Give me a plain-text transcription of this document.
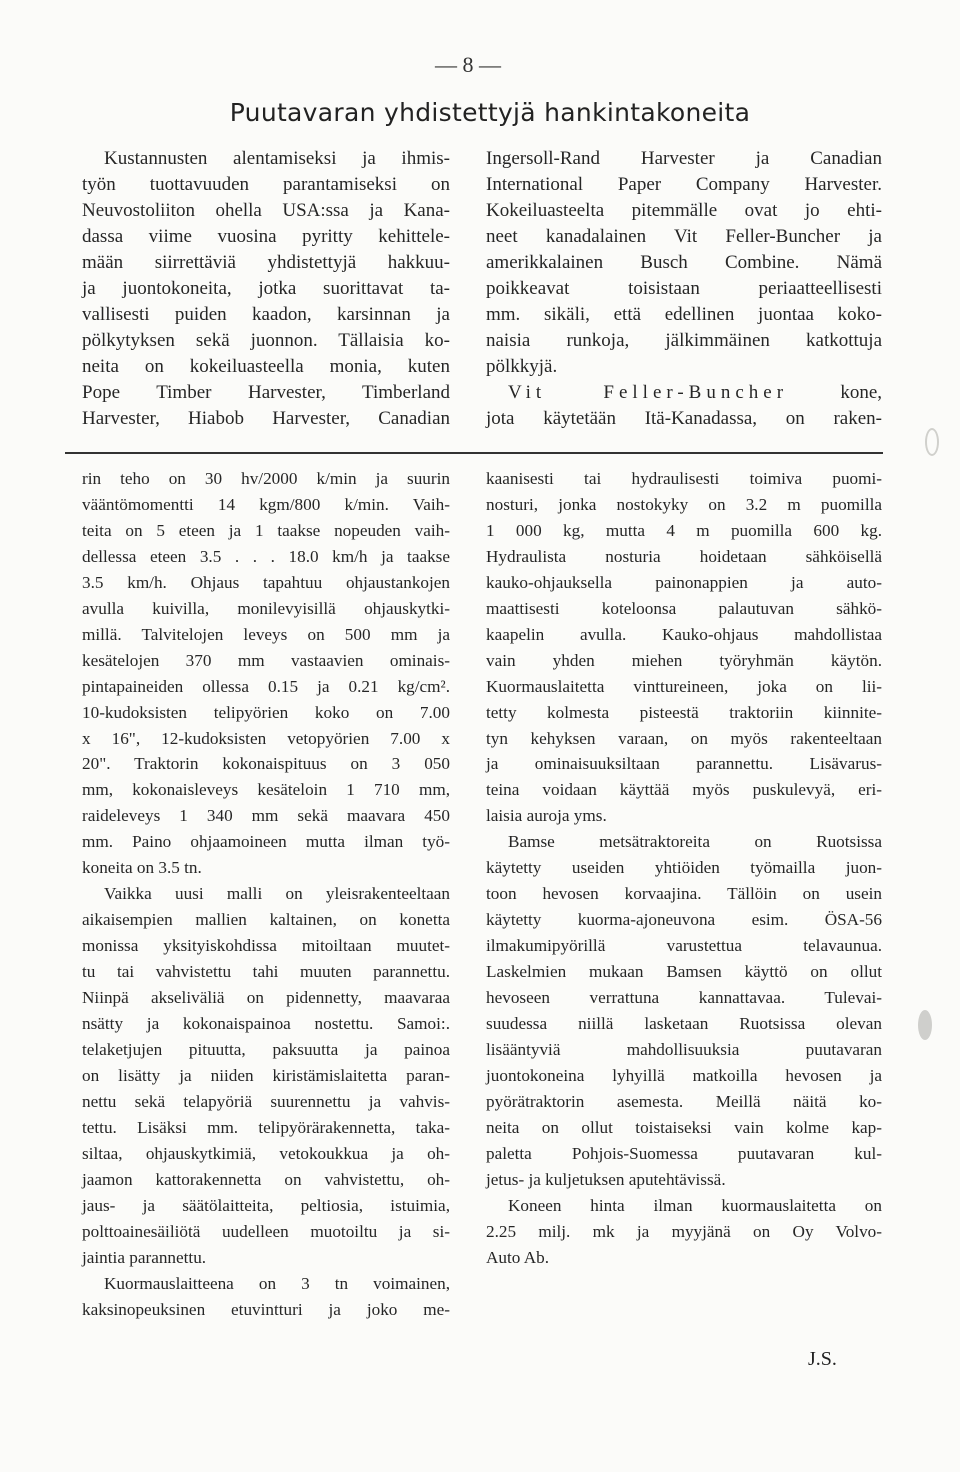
— 8 —
Puutavaran yhdistettyjä hankintakoneita

Kustannusten alentamiseksi ja ihmis-

työn tuottavuuden parantamiseksi on

Neuvostoliiton ohella USA:ssa ja Kana-

dassa viime vuosina pyritty kehittele-

mään siirrettäviä yhdistettyjä hakkuu-

ja juontokoneita, jotka suorittavat ta-

vallisesti puiden kaadon, karsinnan ja

pölkytyksen sekä juonnon. Tällaisia ko-

neita on kokeiluasteella monia, kuten

Pope Timber Harvester, Timberland

Harvester, Hiabob Harvester, Canadian

Ingersoll-Rand Harvester ja Canadian

International Paper Company Harvester.

Kokeiluasteelta pitemmälle ovat jo ehti-

neet kanadalainen Vit Feller-Buncher ja

amerikkalainen Busch Combine. Nämä

poikkeavat toisistaan periaatteellisesti

mm. sikäli, että edellinen juontaa koko-

naisia runkoja, jälkimmäinen katkottuja

pölkkyjä.

Vit Feller-Buncher	kone,

jota käytetään Itä-Kanadassa, on raken-

rin teho on 30 hv/2000 k/min ja suurin

vääntömomentti 14 kgm/800 k/min. Vaih-

teita on 5 eteen ja 1 taakse nopeuden vaih-

dellessa eteen 3.5 . . . 18.0 km/h ja taakse

3.5 km/h. Ohjaus tapahtuu ohjaustankojen

avulla kuivilla, monilevyisillä ohjauskytki-

millä. Talvitelojen leveys on 500 mm ja

kesätelojen 370 mm vastaavien ominais-

pintapaineiden ollessa 0.15 ja 0.21 kg/cm².

10-kudoksisten telipyörien koko on 7.00

x 16", 12-kudoksisten vetopyörien 7.00 x

20". Traktorin kokonaispituus on 3 050

mm, kokonaisleveys kesäteloin 1 710 mm,

raideleveys 1 340 mm sekä maavara 450

mm. Paino ohjaamoineen mutta ilman työ-

koneita on 3.5 tn.

Vaikka uusi malli on yleisrakenteeltaan

aikaisempien mallien kaltainen, on konetta

monissa yksityiskohdissa mitoiltaan muutet-

tu tai vahvistettu tahi muuten parannettu.

Niinpä akseliväliä on pidennetty, maavaraa

nsätty ja kokonaispainoa nostettu. Samoi:.

telaketjujen pituutta, paksuutta ja painoa

on lisätty ja niiden kiristämislaitetta paran-

nettu sekä telapyöriä suurennettu ja vahvis-

tettu. Lisäksi mm. telipyörärakennetta, taka-

siltaa, ohjauskytkimiä, vetokoukkua ja oh-

jaamon kattorakennetta on vahvistettu, oh-

jaus- ja säätölaitteita, peltiosia, istuimia,

polttoainesäiliötä uudelleen muotoiltu ja si-

jaintia parannettu.

Kuormauslaitteena on 3 tn voimainen,

kaksinopeuksinen etuvintturi ja joko me-

kaanisesti tai hydraulisesti toimiva puomi-

nosturi, jonka nostokyky on 3.2 m puomilla

1 000 kg, mutta 4 m puomilla 600 kg.

Hydraulista nosturia hoidetaan sähköisellä

kauko-ohjauksella painonappien ja auto-

maattisesti koteloonsa palautuvan sähkö-

kaapelin avulla. Kauko-ohjaus mahdollistaa

vain yhden miehen työryhmän käytön.

Kuormauslaitetta vinttureineen, joka on lii-

tetty kolmesta pisteestä traktoriin kiinnite-

tyn kehyksen varaan, on myös rakenteeltaan

ja ominaisuuksiltaan parannettu. Lisävarus-

teina voidaan käyttää myös puskulevyä, eri-

laisia auroja yms.

Bamse metsätraktoreita on Ruotsissa

käytetty useiden yhtiöiden työmailla juon-

toon hevosen korvaajina. Tällöin on usein

käytetty kuorma-ajoneuvona esim. ÖSA-56

ilmakumipyörillä varustettua telavaunua.

Laskelmien mukaan Bamsen käyttö on ollut

hevoseen verrattuna kannattavaa. Tulevai-

suudessa niillä lasketaan Ruotsissa olevan

lisääntyviä mahdollisuuksia puutavaran

juontokoneina lyhyillä matkoilla hevosen ja

pyörätraktorin asemesta. Meillä näitä ko-

neita on ollut toistaiseksi vain kolme kap-

paletta Pohjois-Suomessa puutavaran kul-

jetus- ja kuljetuksen aputehtävissä.

Koneen hinta ilman kuormauslaitetta on

2.25 milj. mk ja myyjänä on Oy Volvo-

Auto Ab.

J.S.
